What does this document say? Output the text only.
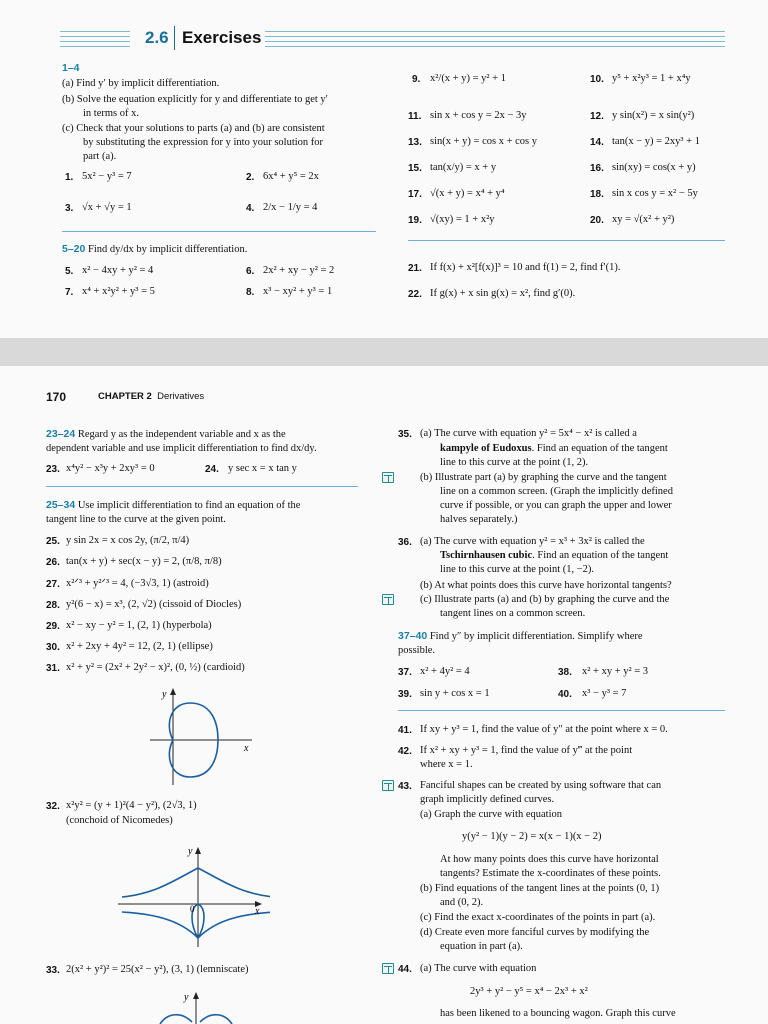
2.6 Exercises
1–4
(a) Find y′ by implicit differentiation.
(b) Solve the equation explicitly for y and differentiate to get y′
in terms of x.
(c) Check that your solutions to parts (a) and (b) are consistent
by substituting the expression for y into your solution for
part (a).
1. 5x² − y³ = 7	2. 6x⁴ + y⁵ = 2x
3. √x + √y = 1	4. 2/x − 1/y = 4
5–20 Find dy/dx by implicit differentiation.
5. x² − 4xy + y² = 4	6. 2x² + xy − y² = 2
7. x⁴ + x²y² + y³ = 5	8. x³ − xy² + y³ = 1
9. x²/(x + y) = y² + 1	10. y⁵ + x²y³ = 1 + x⁴y
11. sin x + cos y = 2x − 3y	12. y sin(x²) = x sin(y²)
13. sin(x + y) = cos x + cos y	14. tan(x − y) = 2xy³ + 1
15. tan(x/y) = x + y	16. sin(xy) = cos(x + y)
17. √(x + y) = x⁴ + y⁴	18. sin x cos y = x² − 5y
19. √(xy) = 1 + x²y	20. xy = √(x² + y²)
21. If f(x) + x²[f(x)]³ = 10 and f(1) = 2, find f′(1).
22. If g(x) + x sin g(x) = x², find g′(0).
170	CHAPTER 2 Derivatives
23–24 Regard y as the independent variable and x as the
dependent variable and use implicit differentiation to find dx/dy.
23. x⁴y² − x³y + 2xy³ = 0	24. y sec x = x tan y
25–34 Use implicit differentiation to find an equation of the
tangent line to the curve at the given point.
25. y sin 2x = x cos 2y, (π/2, π/4)
26. tan(x + y) + sec(x − y) = 2, (π/8, π/8)
27. x²ᐟ³ + y²ᐟ³ = 4, (−3√3, 1) (astroid)
28. y²(6 − x) = x³, (2, √2) (cissoid of Diocles)
29. x² − xy − y² = 1, (2, 1) (hyperbola)
30. x² + 2xy + 4y² = 12, (2, 1) (ellipse)
31. x² + y² = (2x² + 2y² − x)², (0, ½) (cardioid)
y
x
32. x²y² = (y + 1)²(4 − y²), (2√3, 1)
(conchoid of Nicomedes)
y
x
0
33. 2(x² + y²)² = 25(x² − y²), (3, 1) (lemniscate)
y
35. (a) The curve with equation y² = 5x⁴ − x² is called a
kampyle of Eudoxus. Find an equation of the tangent
line to this curve at the point (1, 2).
(b) Illustrate part (a) by graphing the curve and the tangent
line on a common screen. (Graph the implicitly defined
curve if possible, or you can graph the upper and lower
halves separately.)
36. (a) The curve with equation y² = x³ + 3x² is called the
Tschirnhausen cubic. Find an equation of the tangent
line to this curve at the point (1, −2).
(b) At what points does this curve have horizontal tangents?
(c) Illustrate parts (a) and (b) by graphing the curve and the
tangent lines on a common screen.
37–40 Find y″ by implicit differentiation. Simplify where
possible.
37. x² + 4y² = 4	38. x² + xy + y² = 3
39. sin y + cos x = 1	40. x³ − y³ = 7
41. If xy + y³ = 1, find the value of y″ at the point where x = 0.
42. If x² + xy + y³ = 1, find the value of y‴ at the point
where x = 1.
43. Fanciful shapes can be created by using software that can
graph implicitly defined curves.
(a) Graph the curve with equation
y(y² − 1)(y − 2) = x(x − 1)(x − 2)
At how many points does this curve have horizontal
tangents? Estimate the x-coordinates of these points.
(b) Find equations of the tangent lines at the points (0, 1)
and (0, 2).
(c) Find the exact x-coordinates of the points in part (a).
(d) Create even more fanciful curves by modifying the
equation in part (a).
44. (a) The curve with equation
2y³ + y² − y⁵ = x⁴ − 2x³ + x²
has been likened to a bouncing wagon. Graph this curve
